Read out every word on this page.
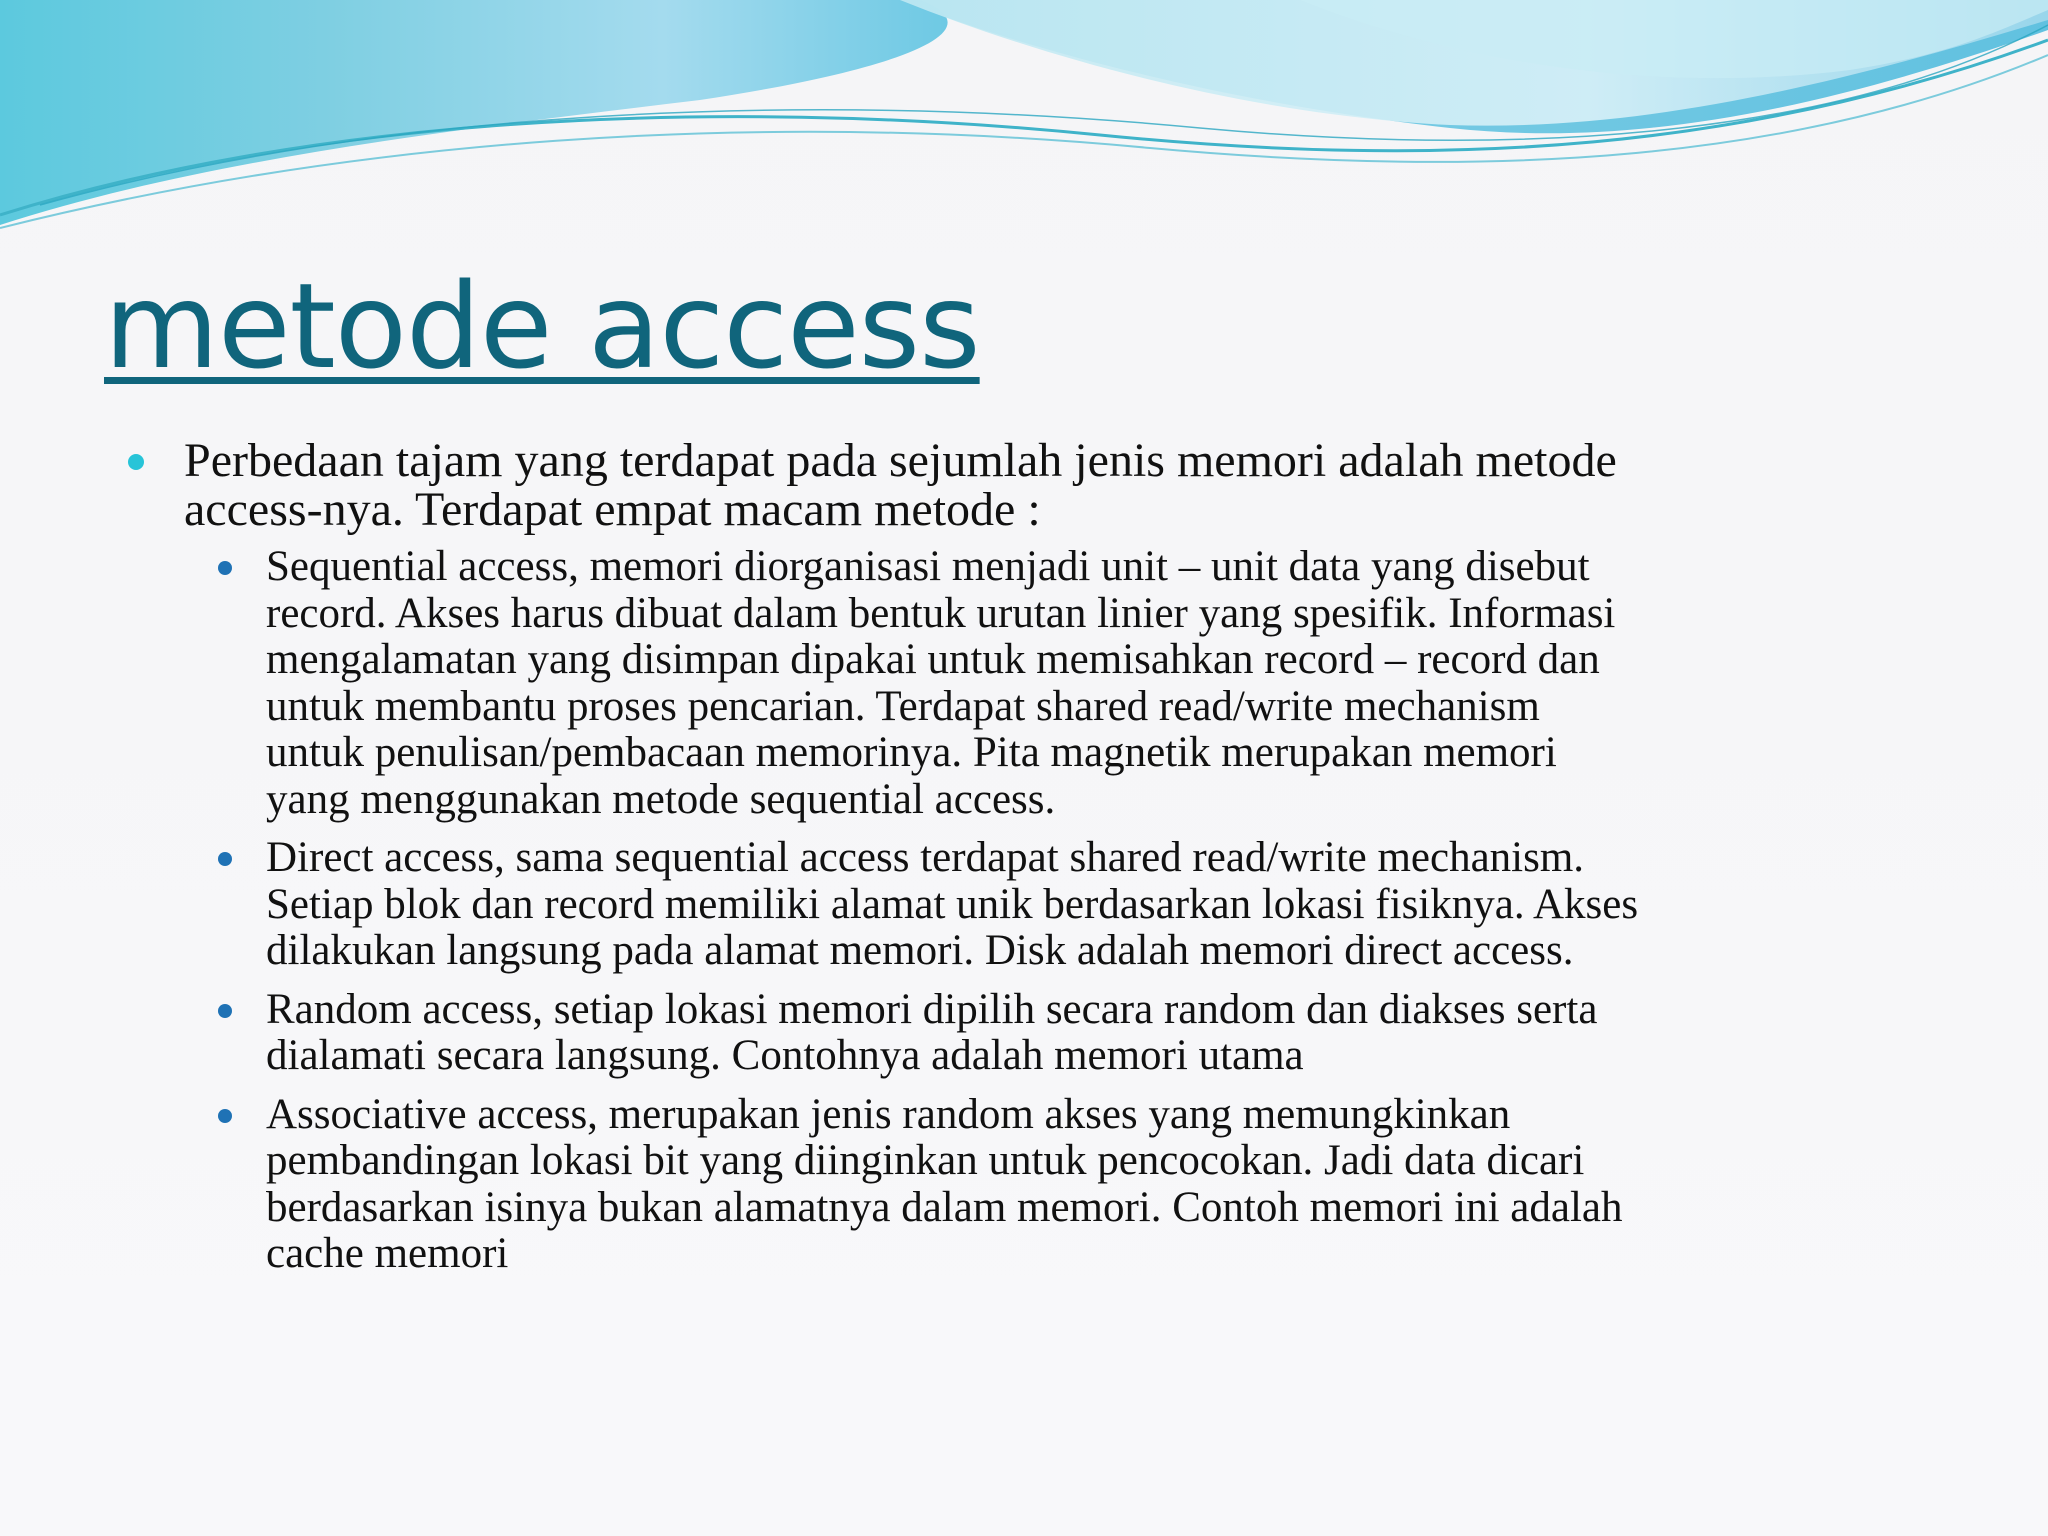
metode access
Perbedaan tajam yang terdapat pada sejumlah jenis memori adalah metode
access-nya. Terdapat empat macam metode :
Sequential access, memori diorganisasi menjadi unit – unit data yang disebut
record. Akses harus dibuat dalam bentuk urutan linier yang spesifik. Informasi
mengalamatan yang disimpan dipakai untuk memisahkan record – record dan
untuk membantu proses pencarian. Terdapat shared read/write mechanism
untuk penulisan/pembacaan memorinya. Pita magnetik merupakan memori
yang menggunakan metode sequential access.
Direct access, sama sequential access terdapat shared read/write mechanism.
Setiap blok dan record memiliki alamat unik berdasarkan lokasi fisiknya. Akses
dilakukan langsung pada alamat memori. Disk adalah memori direct access.
Random access, setiap lokasi memori dipilih secara random dan diakses serta
dialamati secara langsung. Contohnya adalah memori utama
Associative access, merupakan jenis random akses yang memungkinkan
pembandingan lokasi bit yang diinginkan untuk pencocokan. Jadi data dicari
berdasarkan isinya bukan alamatnya dalam memori. Contoh memori ini adalah
cache memori
